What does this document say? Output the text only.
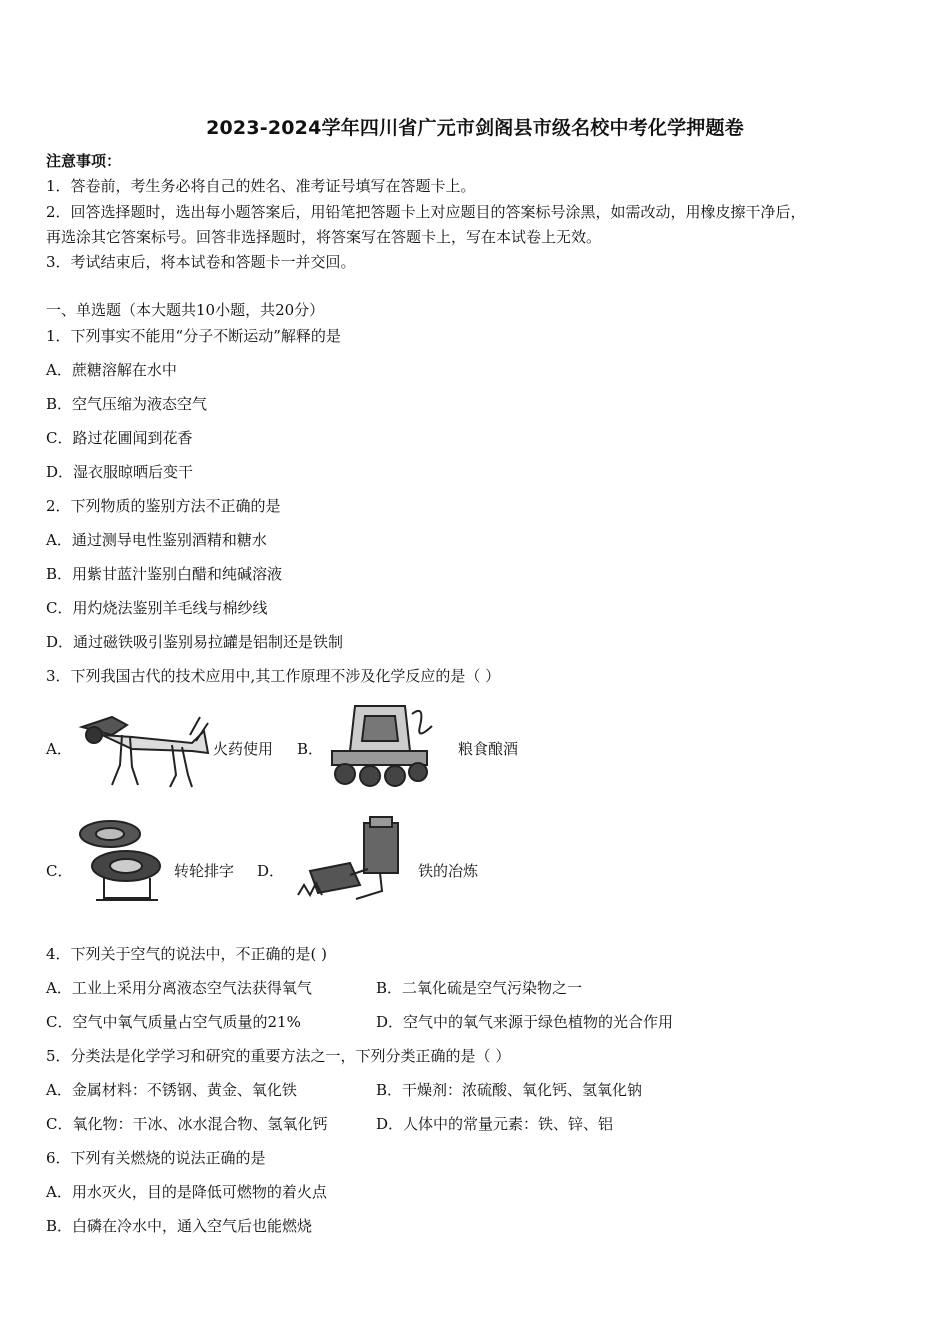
2023-2024学年四川省广元市剑阁县市级名校中考化学押题卷
注意事项：
1．答卷前，考生务必将自己的姓名、准考证号填写在答题卡上。
2．回答选择题时，选出每小题答案后，用铅笔把答题卡上对应题目的答案标号涂黑，如需改动，用橡皮擦干净后，
再选涂其它答案标号。回答非选择题时，将答案写在答题卡上，写在本试卷上无效。
3．考试结束后，将本试卷和答题卡一并交回。
一、单选题（本大题共10小题，共20分）
1．下列事实不能用“分子不断运动”解释的是
A．蔗糖溶解在水中
B．空气压缩为液态空气
C．路过花圃闻到花香
D．湿衣服晾晒后变干
2．下列物质的鉴别方法不正确的是
A．通过测导电性鉴别酒精和糖水
B．用紫甘蓝汁鉴别白醋和纯碱溶液
C．用灼烧法鉴别羊毛线与棉纱线
D．通过磁铁吸引鉴别易拉罐是铝制还是铁制
3．下列我国古代的技术应用中,其工作原理不涉及化学反应的是（ ）
A．	火药使用 B．	粮食酿酒
C．	转轮排字 D．	铁的冶炼
4．下列关于空气的说法中，不正确的是( )
A．工业上采用分离液态空气法获得氧气	B．二氧化硫是空气污染物之一
C．空气中氧气质量占空气质量的21%	D．空气中的氧气来源于绿色植物的光合作用
5．分类法是化学学习和研究的重要方法之一，下列分类正确的是（ ）
A．金属材料：不锈钢、黄金、氧化铁	B．干燥剂：浓硫酸、氧化钙、氢氧化钠
C．氧化物：干冰、冰水混合物、氢氧化钙	D．人体中的常量元素：铁、锌、铝
6．下列有关燃烧的说法正确的是
A．用水灭火，目的是降低可燃物的着火点
B．白磷在冷水中，通入空气后也能燃烧
